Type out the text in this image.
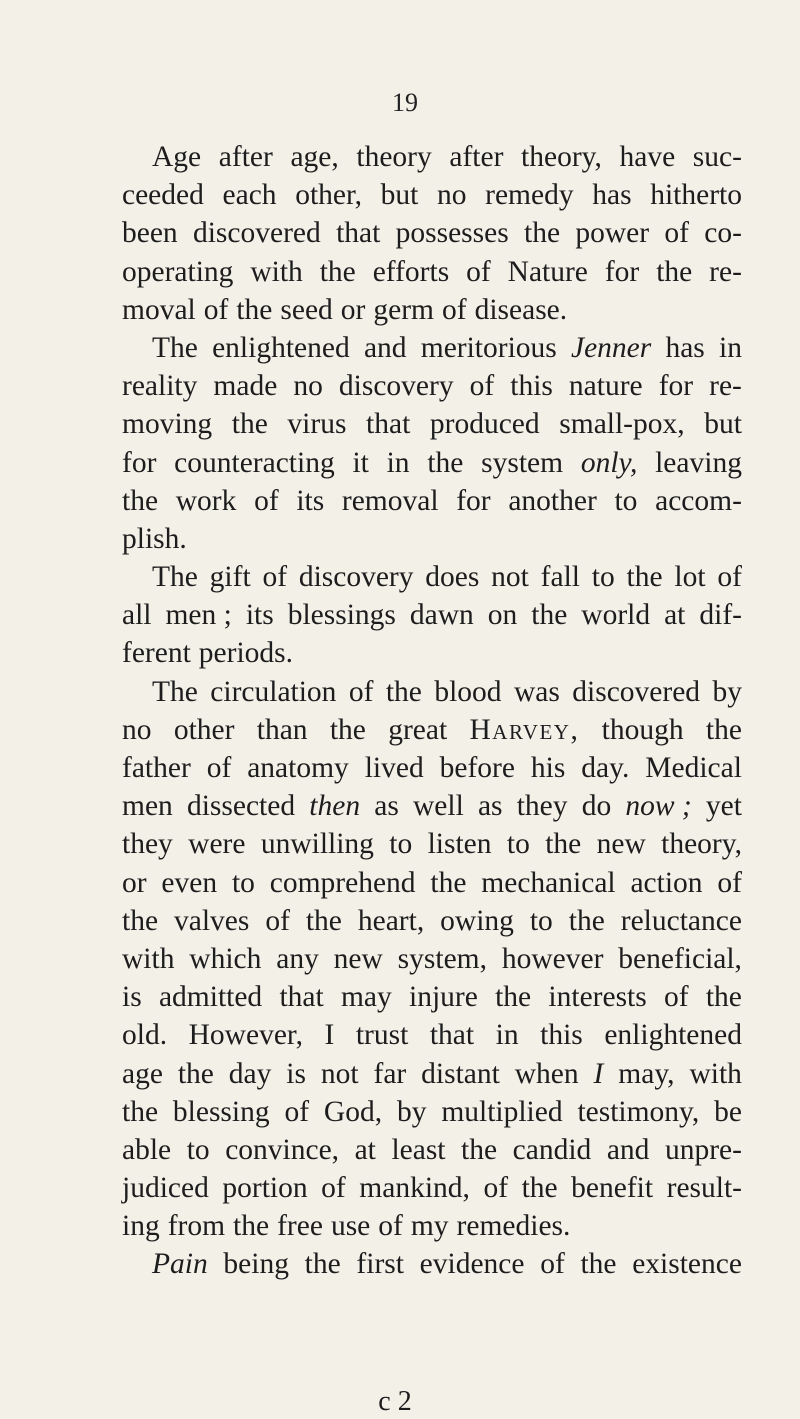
19
Age after age, theory after theory, have suc-
ceeded each other, but no remedy has hitherto
been discovered that possesses the power of co-
operating with the efforts of Nature for the re-
moval of the seed or germ of disease.
The enlightened and meritorious Jenner has in
reality made no discovery of this nature for re-
moving the virus that produced small-pox, but
for counteracting it in the system only, leaving
the work of its removal for another to accom-
plish.
The gift of discovery does not fall to the lot of
all men ; its blessings dawn on the world at dif-
ferent periods.
The circulation of the blood was discovered by
no other than the great Harvey, though the
father of anatomy lived before his day. Medical
men dissected then as well as they do now ; yet
they were unwilling to listen to the new theory,
or even to comprehend the mechanical action of
the valves of the heart, owing to the reluctance
with which any new system, however beneficial,
is admitted that may injure the interests of the
old. However, I trust that in this enlightened
age the day is not far distant when I may, with
the blessing of God, by multiplied testimony, be
able to convince, at least the candid and unpre-
judiced portion of mankind, of the benefit result-
ing from the free use of my remedies.
Pain being the first evidence of the existence
c 2
